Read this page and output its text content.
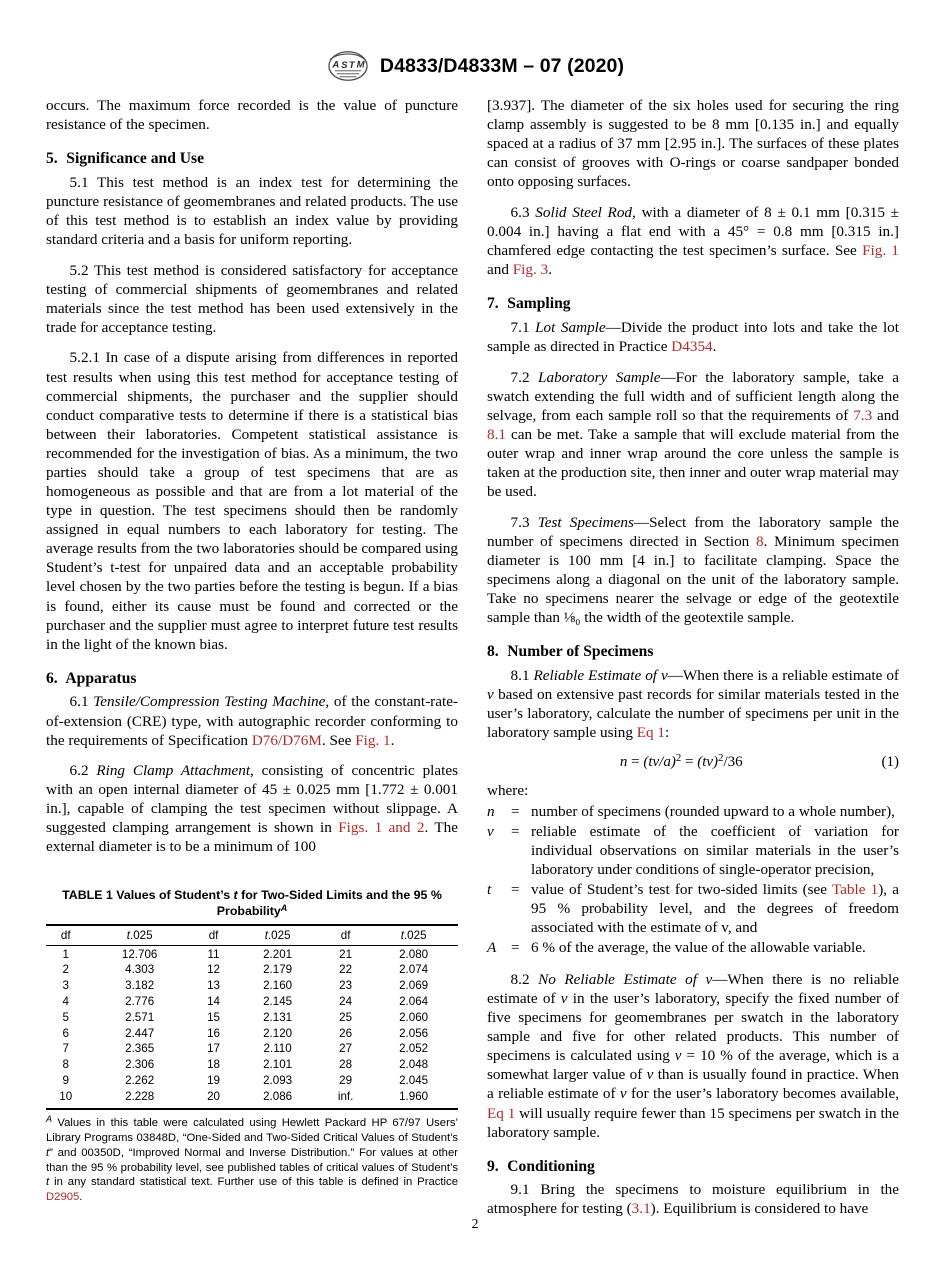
A S T M D4833/D4833M – 07 (2020)

occurs. The maximum force recorded is the value of puncture resistance of the specimen.

5. Significance and Use

5.1 This test method is an index test for determining the puncture resistance of geomembranes and related products. The use of this test method is to establish an index value by providing standard criteria and a basis for uniform reporting.

5.2 This test method is considered satisfactory for acceptance testing of commercial shipments of geomembranes and related materials since the test method has been used extensively in the trade for acceptance testing.

5.2.1 In case of a dispute arising from differences in reported test results when using this test method for acceptance testing of commercial shipments, the purchaser and the supplier should conduct comparative tests to determine if there is a statistical bias between their laboratories. Competent statistical assistance is recommended for the investigation of bias. As a minimum, the two parties should take a group of test specimens that are as homogeneous as possible and that are from a lot material of the type in question. The test specimens should then be randomly assigned in equal numbers to each laboratory for testing. The average results from the two laboratories should be compared using Student’s t-test for unpaired data and an acceptable probability level chosen by the two parties before the testing is begun. If a bias is found, either its cause must be found and corrected or the purchaser and the supplier must agree to interpret future test results in the light of the known bias.

6. Apparatus

6.1 Tensile/Compression Testing Machine, of the constant-rate-of-extension (CRE) type, with autographic recorder conforming to the requirements of Specification D76/D76M. See Fig. 1.

6.2 Ring Clamp Attachment, consisting of concentric plates with an open internal diameter of 45 ± 0.025 mm [1.772 ± 0.001 in.], capable of clamping the test specimen without slippage. A suggested clamping arrangement is shown in Figs. 1 and 2. The external diameter is to be a minimum of 100

TABLE 1 Values of Student’s t for Two-Sided Limits and the 95 % Probability$^A$
df	t.025	df	t.025	df	t.025
1	12.706	11	2.201	21	2.080
2	4.303	12	2.179	22	2.074
3	3.182	13	2.160	23	2.069
4	2.776	14	2.145	24	2.064
5	2.571	15	2.131	25	2.060
6	2.447	16	2.120	26	2.056
7	2.365	17	2.110	27	2.052
8	2.306	18	2.101	28	2.048
9	2.262	19	2.093	29	2.045
10	2.228	20	2.086	inf.	1.960
$^A$ Values in this table were calculated using Hewlett Packard HP 67/97 Users’ Library Programs 03848D, “One-Sided and Two-Sided Critical Values of Student's t” and 00350D, “Improved Normal and Inverse Distribution.” For values at other than the 95 % probability level, see published tables of critical values of Student’s t in any standard statistical text. Further use of this table is defined in Practice D2905.

[3.937]. The diameter of the six holes used for securing the ring clamp assembly is suggested to be 8 mm [0.135 in.] and equally spaced at a radius of 37 mm [2.95 in.]. The surfaces of these plates can consist of grooves with O-rings or coarse sandpaper bonded onto opposing surfaces.

6.3 Solid Steel Rod, with a diameter of 8 ± 0.1 mm [0.315 ± 0.004 in.] having a flat end with a 45° = 0.8 mm [0.315 in.] chamfered edge contacting the test specimen’s surface. See Fig. 1 and Fig. 3.

7. Sampling

7.1 Lot Sample—Divide the product into lots and take the lot sample as directed in Practice D4354.

7.2 Laboratory Sample—For the laboratory sample, take a swatch extending the full width and of sufficient length along the selvage, from each sample roll so that the requirements of 7.3 and 8.1 can be met. Take a sample that will exclude material from the outer wrap and inner wrap around the core unless the sample is taken at the production site, then inner and outer wrap material may be used.

7.3 Test Specimens—Select from the laboratory sample the number of specimens directed in Section 8. Minimum specimen diameter is 100 mm [4 in.] to facilitate clamping. Space the specimens along a diagonal on the unit of the laboratory sample. Take no specimens nearer the selvage or edge of the geotextile sample than ⅛₀ the width of the geotextile sample.

8. Number of Specimens

8.1 Reliable Estimate of v—When there is a reliable estimate of v based on extensive past records for similar materials tested in the user’s laboratory, calculate the number of specimens per unit in the laboratory sample using Eq 1:

$n = (tv/a)^2 = (tv)^2/36$	(1)

where:

n	=	number of specimens (rounded upward to a whole number),
v	=	reliable estimate of the coefficient of variation for individual observations on similar materials in the user’s laboratory under conditions of single-operator precision,
t	=	value of Student’s test for two-sided limits (see Table 1), a 95 % probability level, and the degrees of freedom associated with the estimate of v, and
A	=	6 % of the average, the value of the allowable variable.

8.2 No Reliable Estimate of v—When there is no reliable estimate of v in the user’s laboratory, specify the fixed number of five specimens for geomembranes per swatch in the laboratory sample and five for other related products. This number of specimens is calculated using v = 10 % of the average, which is a somewhat larger value of v than is usually found in practice. When a reliable estimate of v for the user’s laboratory becomes available, Eq 1 will usually require fewer than 15 specimens per swatch in the laboratory sample.

9. Conditioning

9.1 Bring the specimens to moisture equilibrium in the atmosphere for testing (3.1). Equilibrium is considered to have

2
